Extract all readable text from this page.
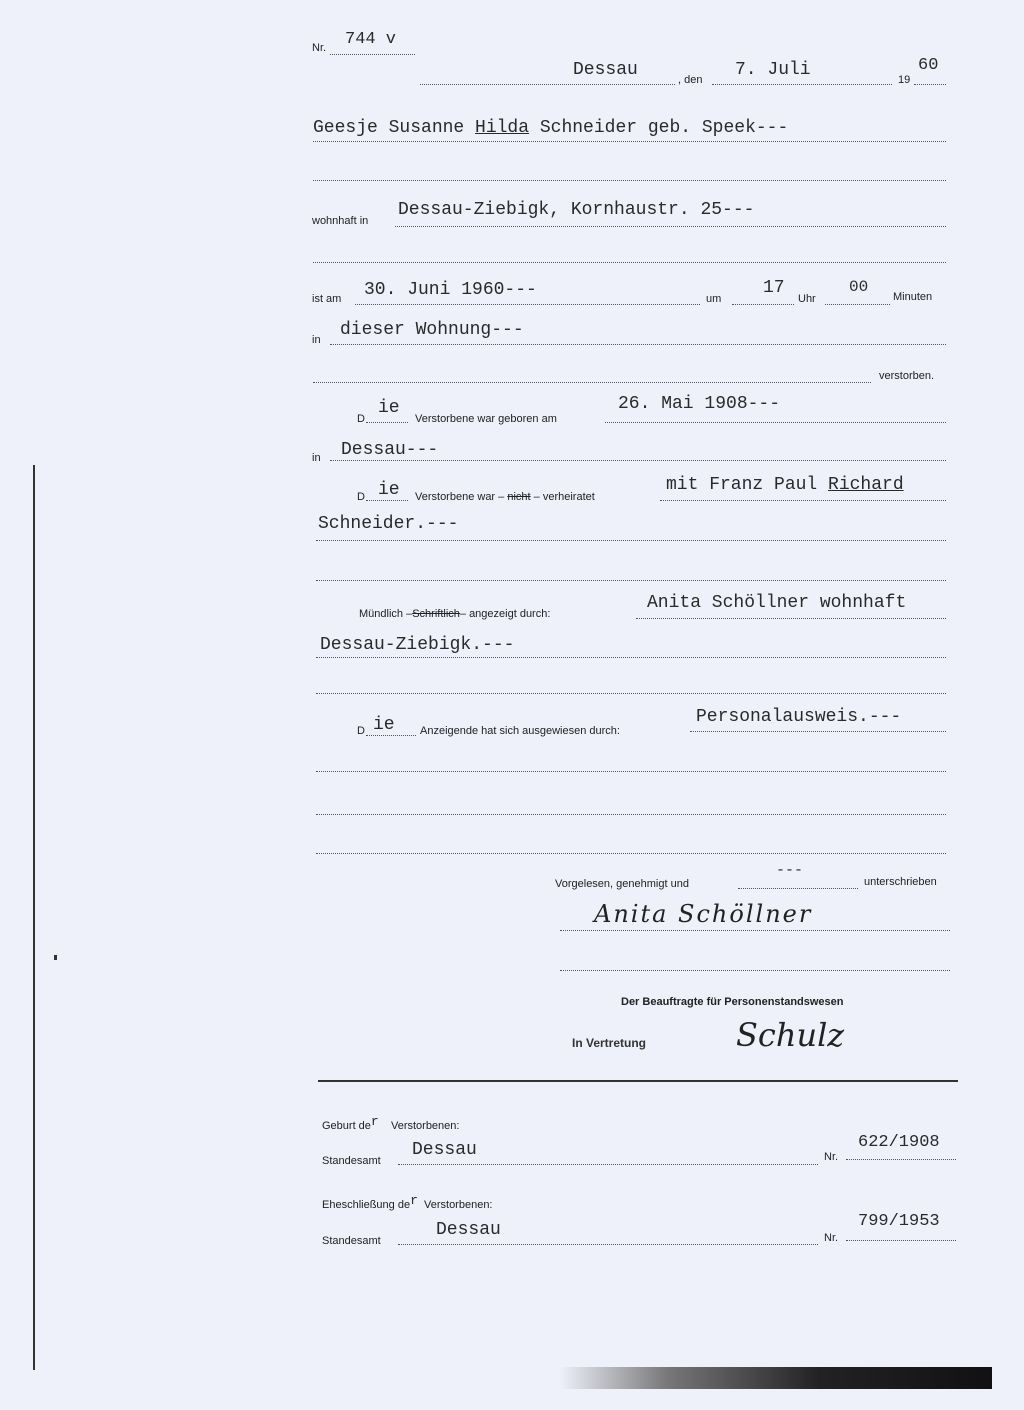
Nr. 744 v
Dessau	, den 7. Juli	19
60
Geesje Susanne Hilda Schneider geb. Speek---
wohnhaft in
Dessau-Ziebigk, Kornhaustr. 25---
ist am 30. Juni 1960---	um
17
Uhr
00
Minuten
in dieser Wohnung---
verstorben.
D
ie
Verstorbene war geboren am
26. Mai 1908---
in Dessau---
D ie Verstorbene war – nicht – verheiratet
mit Franz Paul Richard
Schneider.---
Mündlich –Schriftlich– angezeigt durch:
Anita Schöllner wohnhaft
Dessau-Ziebigk.---
D ie Anzeigende hat sich ausgewiesen durch:
Personalausweis.---
Vorgelesen, genehmigt und
---
unterschrieben
Anita Schöllner
Der Beauftragte für Personenstandswesen
In Vertretung	Schulz
Geburt der Verstorbenen:
Standesamt
Dessau	Nr.
622/1908
Eheschließung der Verstorbenen:
Standesamt
Dessau	Nr.
799/1953
